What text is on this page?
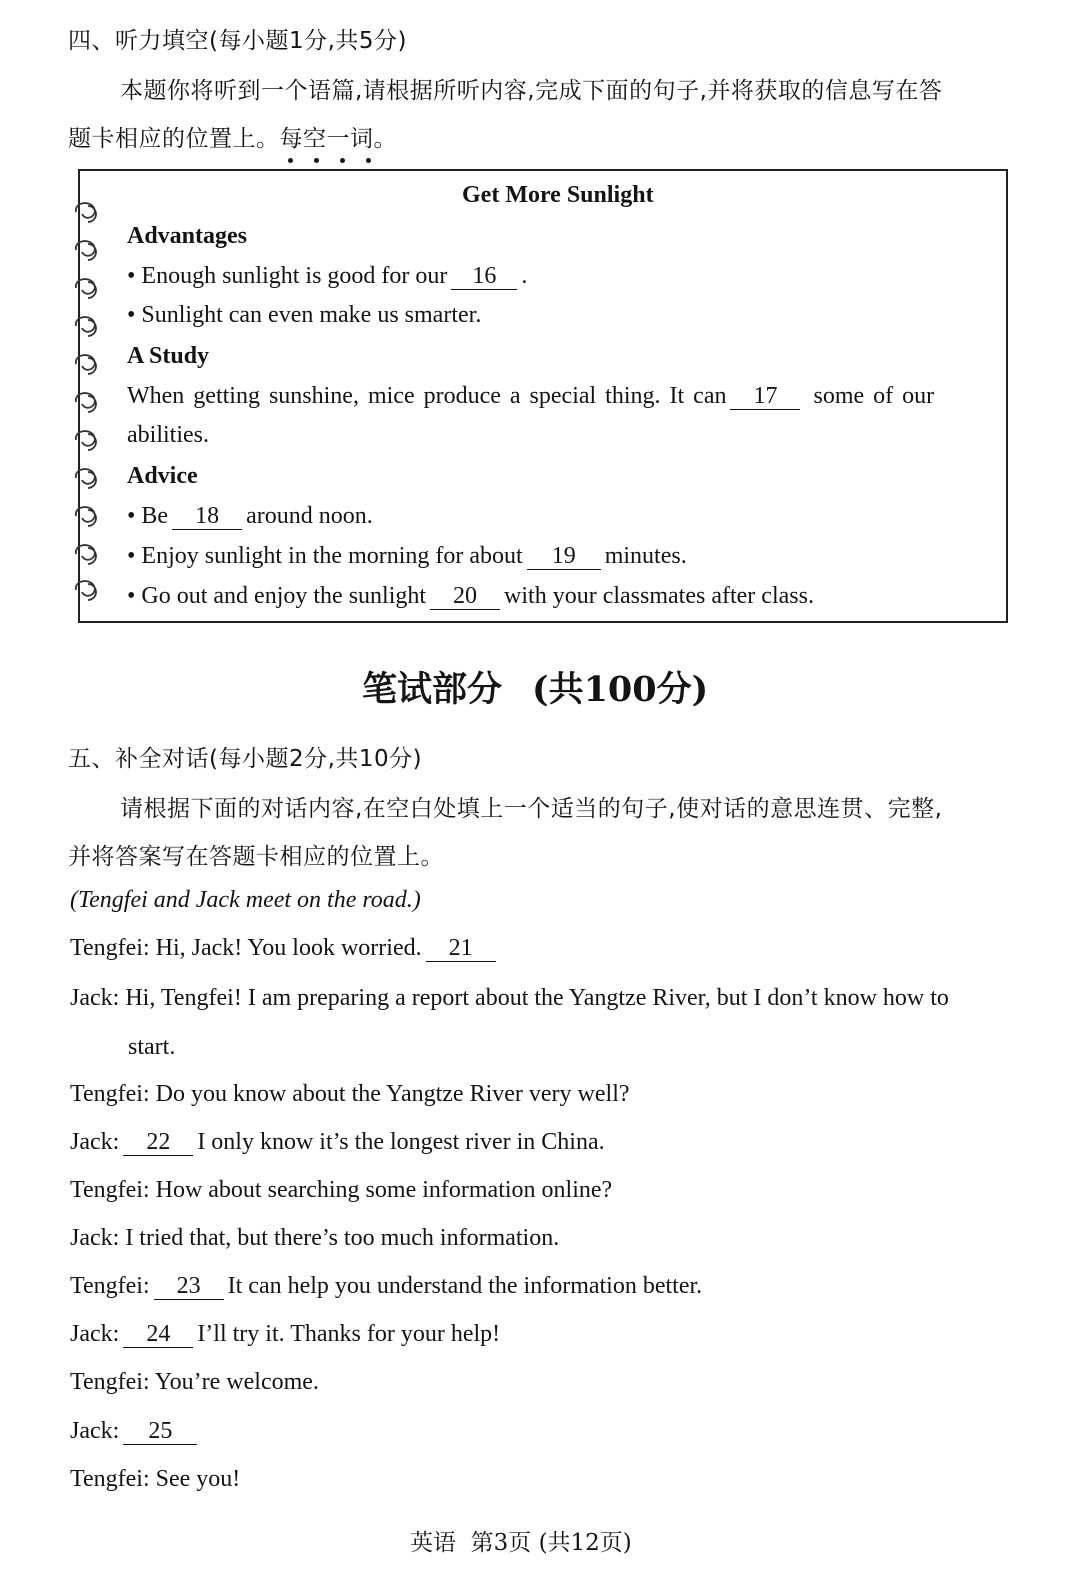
四、听力填空(每小题1分,共5分)
本题你将听到一个语篇,请根据所听内容,完成下面的句子,并将获取的信息写在答
题卡相应的位置上。每空一词
。
Get More Sunlight
Advantages
• Enough sunlight is good for our 16 .
• Sunlight can even make us smarter.
A Study
When getting sunshine, mice produce a special thing. It can 17 some of our
abilities.
Advice
• Be 18 around noon.
• Enjoy sunlight in the morning for about 19 minutes.
• Go out and enjoy the sunlight 20 with your classmates after class.
笔试部分 (共100分)
五、补全对话(每小题2分,共10分)
请根据下面的对话内容,在空白处填上一个适当的句子,使对话的意思连贯、完整,
并将答案写在答题卡相应的位置上。
(Tengfei and Jack meet on the road.)
Tengfei: Hi, Jack! You look worried. 21
Jack: Hi, Tengfei! I am preparing a report about the Yangtze River, but I don’t know how to
start.
Tengfei: Do you know about the Yangtze River very well?
Jack: 22 I only know it’s the longest river in China.
Tengfei: How about searching some information online?
Jack: I tried that, but there’s too much information.
Tengfei: 23 It can help you understand the information better.
Jack: 24 I’ll try it. Thanks for your help!
Tengfei: You’re welcome.
Jack: 25
Tengfei: See you!
英语  第3页 (共12页)
